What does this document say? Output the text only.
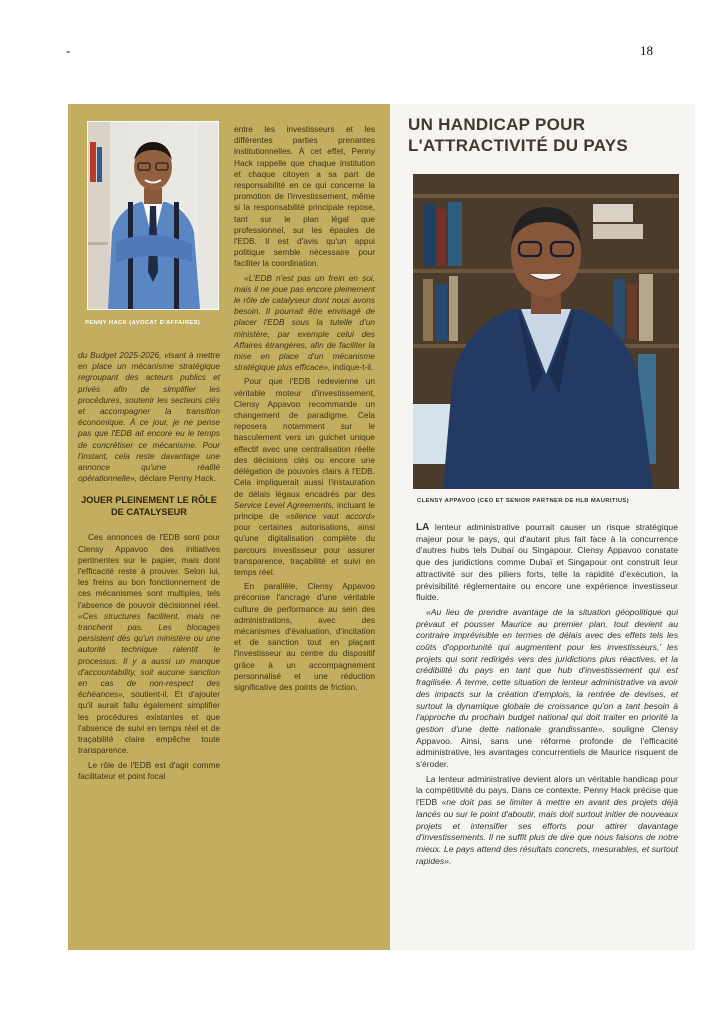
-	18
PENNY HACK (AVOCAT D'AFFAIRES)

du Budget 2025-2026, visant à mettre en place un mécanisme stratégique regroupant des acteurs publics et privés afin de simplifier les procédures, soutenir les secteurs clés et accompagner la transition économique. À ce jour, je ne pense pas que l'EDB ait encore eu le temps de concrétiser ce mécanisme. Pour l'instant, cela reste davantage une annonce qu'une réalité opérationnelle», déclare Penny Hack.

JOUER PLEINEMENT LE RÔLE DE CATALYSEUR

Ces annonces de l'EDB sont pour Clensy Appavoo des initiatives pertinentes sur le papier, mais dont l'efficacité reste à prouver. Selon lui, les freins au bon fonctionnement de ces mécanismes sont multiples, tels l'absence de pouvoir décisionnel réel. «Ces structures facilitent, mais ne tranchent pas. Les blocages persistent dès qu'un ministère ou une autorité technique ralentit le processus. Il y a aussi un manque d'accountability, soit aucune sanction en cas de non-respect des échéances», soutient-il. Et d'ajouter qu'il aurait fallu également simplifier les procédures existantes et que l'absence de suivi en temps réel et de traçabilité claire empêche toute transparence.

Le rôle de l'EDB est d'agir comme facilitateur et point focal

entre les investisseurs et les différentes parties prenantes institutionnelles. À cet effet, Penny Hack rappelle que chaque institution et chaque citoyen a sa part de responsabilité en ce qui concerne la promotion de l'investissement, même si la responsabilité principale repose, tant sur le plan légal que professionnel, sur les épaules de l'EDB. Il est d'avis qu'un appui politique semble nécessaire pour faciliter la coordination.

«L'EDB n'est pas un frein en soi, mais il ne joue pas encore pleinement le rôle de catalyseur dont nous avons besoin. Il pourrait être envisagé de placer l'EDB sous la tutelle d'un ministère, par exemple celui des Affaires étrangères, afin de faciliter la mise en place d'un mécanisme stratégique plus efficace», indique-t-il.

Pour que l'EDB redevienne un véritable moteur d'investissement, Clensy Appavoo recommande un changement de paradigme. Cela reposera notamment sur le basculement vers un guichet unique effectif avec une centralisation réelle des décisions clés ou encore une délégation de pouvoirs clairs à l'EDB. Cela impliquerait aussi l'instauration de délais légaux encadrés par des Service Level Agreements, incluant le principe de «silence vaut accord» pour certaines autorisations, ainsi qu'une digitalisation complète du parcours investisseur pour assurer transparence, traçabilité et suivi en temps réel.

En parallèle, Clensy Appavoo préconise l'ancrage d'une véritable culture de performance au sein des administrations, avec des mécanismes d'évaluation, d'incitation et de sanction tout en plaçant l'investisseur au centre du dispositif grâce à un accompagnement personnalisé et une réduction significative des points de friction.

UN HANDICAP POUR L'ATTRACTIVITÉ DU PAYS
CLENSY APPAVOO (CEO ET SENIOR PARTNER DE HLB MAURITIUS)

LA lenteur administrative pourrait causer un risque stratégique majeur pour le pays, qui d'autant plus fait face à la concurrence d'autres hubs tels Dubaï ou Singapour. Clensy Appavoo constate que des juridictions comme Dubaï et Singapour ont construit leur attractivité sur des piliers forts, telle la rapidité d'exécution, la prévisibilité réglementaire ou encore une expérience investisseur fluide.

«Au lieu de prendre avantage de la situation géopolitique qui prévaut et pousser Maurice au premier plan, tout devient au contraire imprévisible en termes de délais avec des effets tels les coûts d'opportunité qui augmentent pour les investisseurs,' les projets qui sont redirigés vers des juridictions plus réactives, et la crédibilité du pays en tant que hub d'investissement qui est fragilisée. À terme, cette situation de lenteur administrative va avoir des impacts sur la création d'emplois, la rentrée de devises, et surtout la dynamique globale de croissance qu'on a tant besoin à l'approche du prochain budget national qui doit traiter en priorité la gestion d'une dette nationale grandissante», souligne Clensy Appavoo. Ainsi, sans une réforme profonde de l'efficacité administrative, les avantages concurrentiels de Maurice risquent de s'éroder.

La lenteur administrative devient alors un véritable handicap pour la compétitivité du pays. Dans ce contexte, Penny Hack précise que l'EDB «ne doit pas se limiter à mettre en avant des projets déjà lancés ou sur le point d'aboutir, mais doit surtout initier de nouveaux projets et intensifier ses efforts pour attirer davantage d'investissements. Il ne suffit plus de dire que nous faisons de notre mieux. Le pays attend des résultats concrets, mesurables, et surtout rapides».
